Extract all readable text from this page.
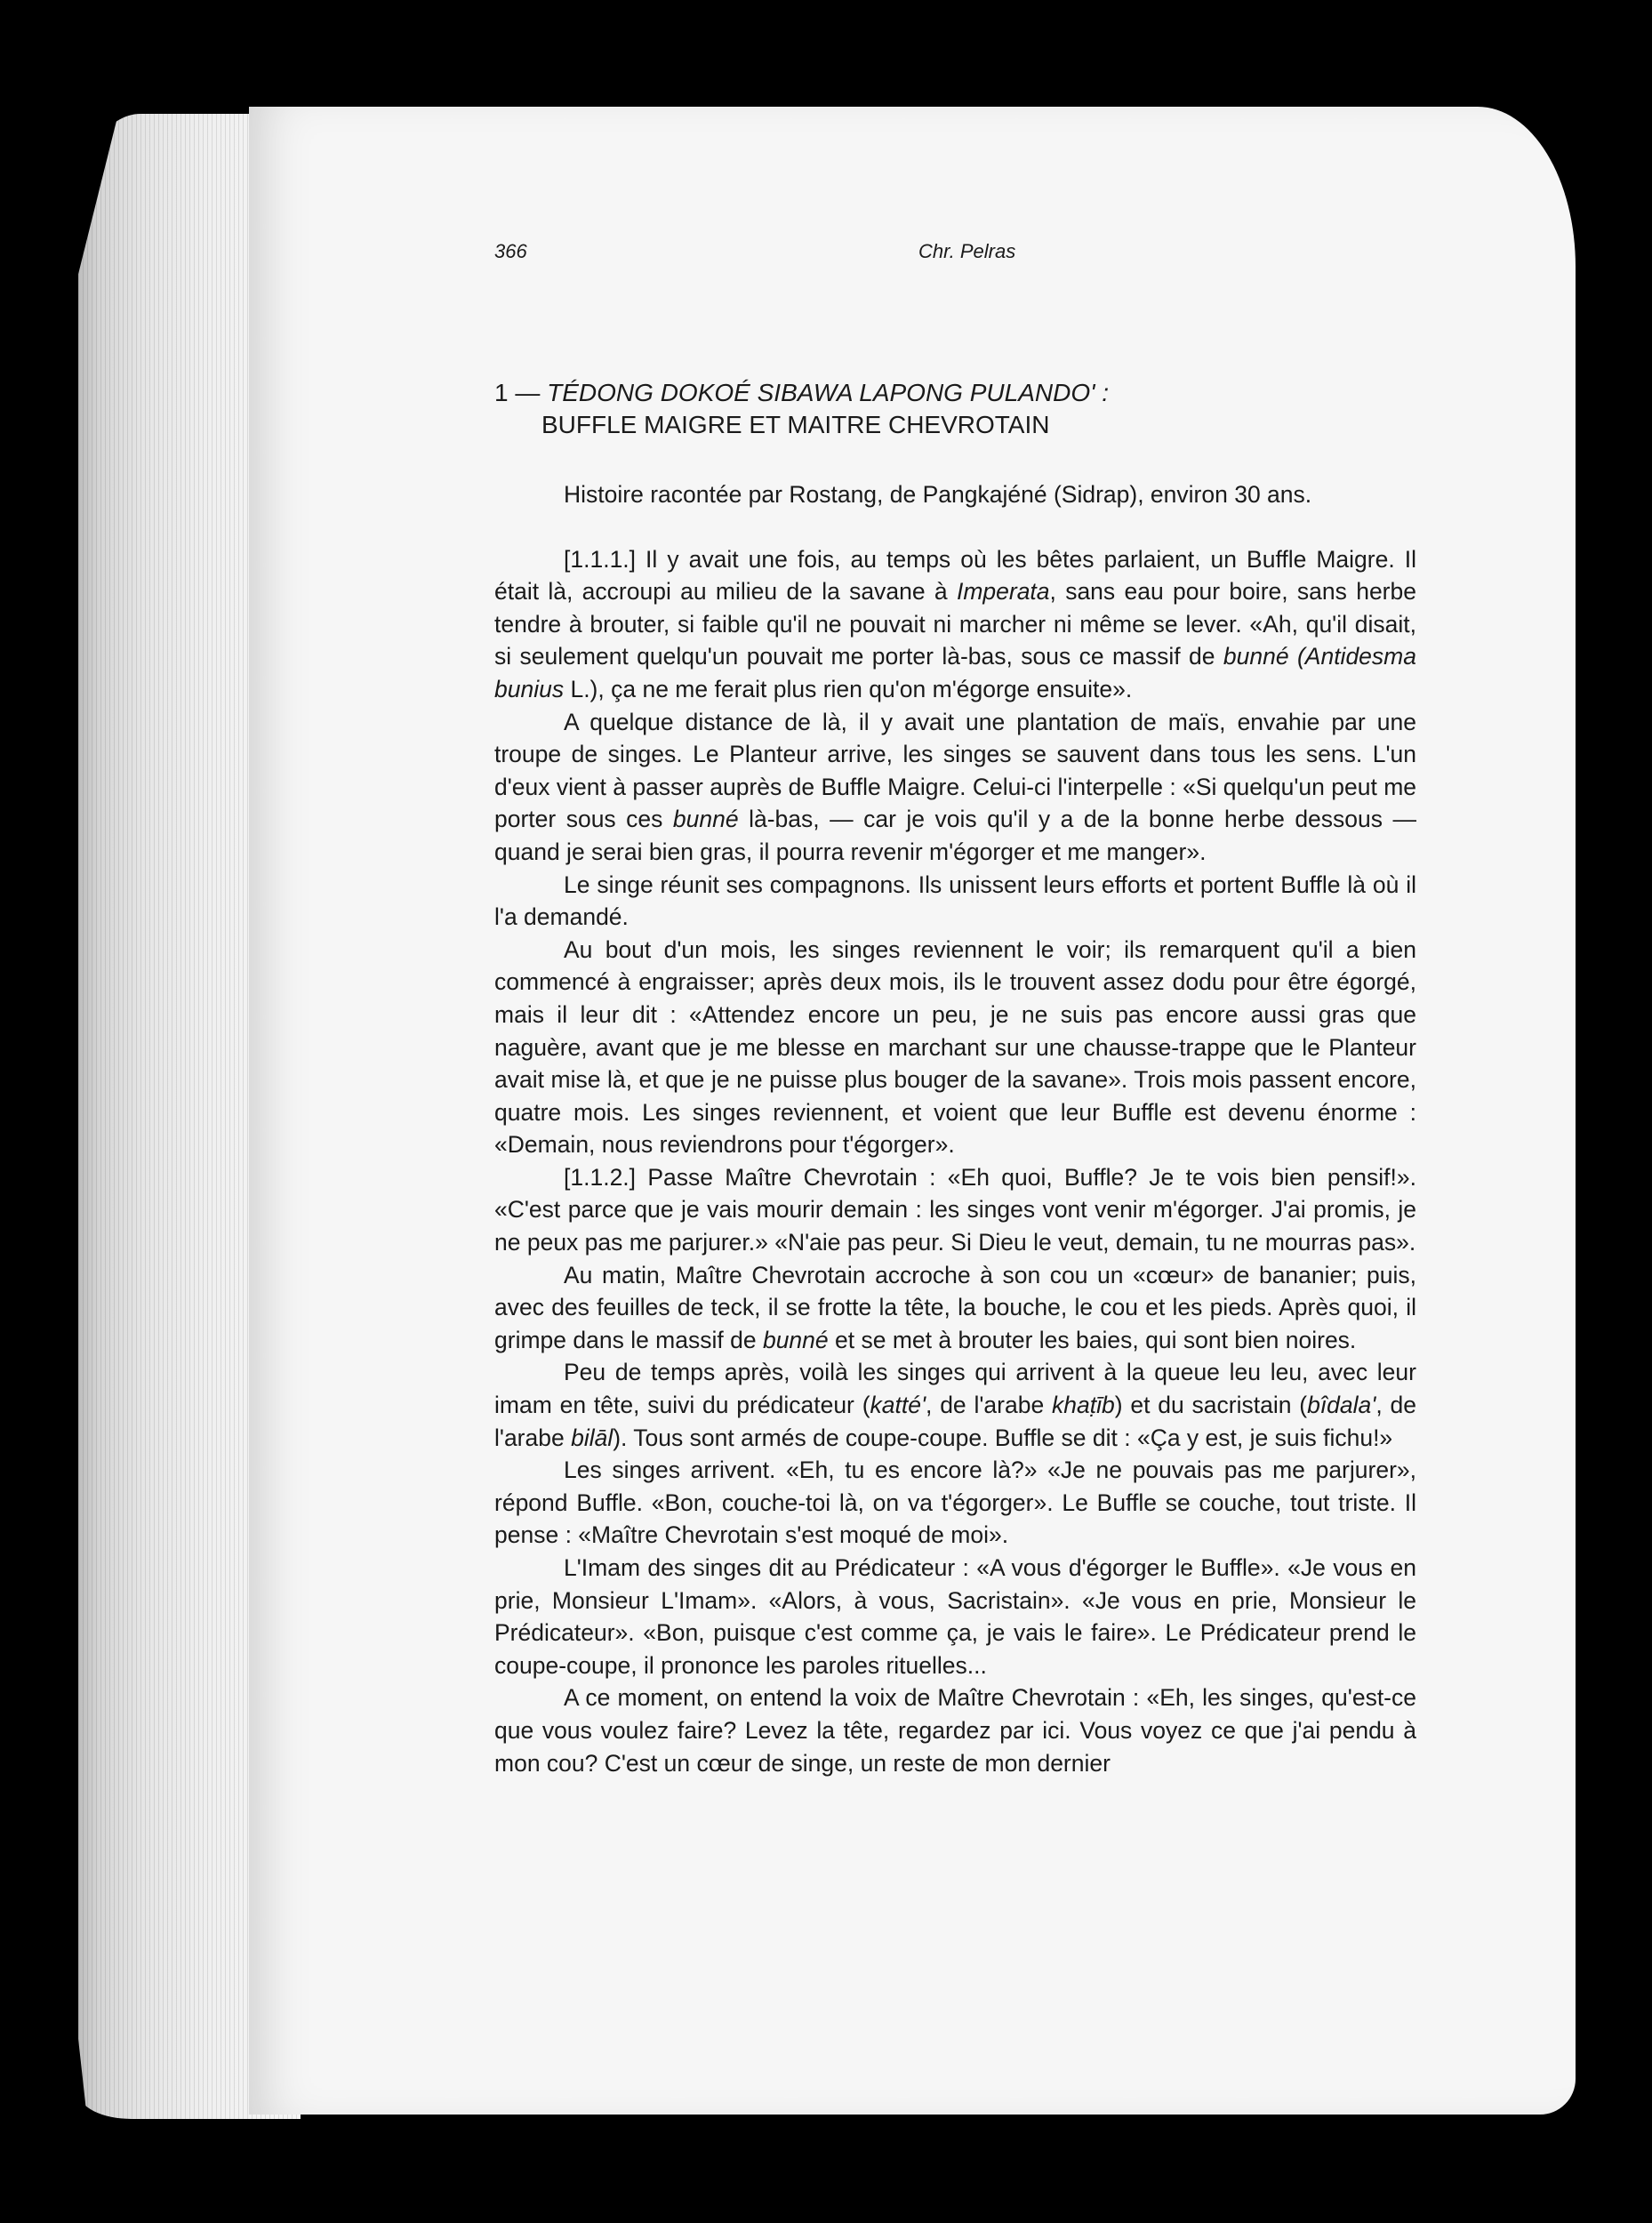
366	Chr. Pelras
1 — TÉDONG DOKOÉ SIBAWA LAPONG PULANDO' :
BUFFLE MAIGRE ET MAITRE CHEVROTAIN

Histoire racontée par Rostang, de Pangkajéné (Sidrap), environ 30 ans.

[1.1.1.] Il y avait une fois, au temps où les bêtes parlaient, un Buffle Maigre. Il était là, accroupi au milieu de la savane à Imperata, sans eau pour boire, sans herbe tendre à brouter, si faible qu'il ne pouvait ni marcher ni même se lever. «Ah, qu'il disait, si seulement quelqu'un pouvait me porter là-bas, sous ce massif de bunné (Antidesma bunius L.), ça ne me ferait plus rien qu'on m'égorge ensuite».

A quelque distance de là, il y avait une plantation de maïs, envahie par une troupe de singes. Le Planteur arrive, les singes se sauvent dans tous les sens. L'un d'eux vient à passer auprès de Buffle Maigre. Celui-ci l'interpelle : «Si quelqu'un peut me porter sous ces bunné là-bas, — car je vois qu'il y a de la bonne herbe dessous — quand je serai bien gras, il pourra revenir m'égorger et me manger».

Le singe réunit ses compagnons. Ils unissent leurs efforts et portent Buffle là où il l'a demandé.

Au bout d'un mois, les singes reviennent le voir; ils remarquent qu'il a bien commencé à engraisser; après deux mois, ils le trouvent assez dodu pour être égorgé, mais il leur dit : «Attendez encore un peu, je ne suis pas encore aussi gras que naguère, avant que je me blesse en marchant sur une chausse-trappe que le Planteur avait mise là, et que je ne puisse plus bouger de la savane». Trois mois passent encore, quatre mois. Les singes reviennent, et voient que leur Buffle est devenu énorme : «Demain, nous reviendrons pour t'égorger».

[1.1.2.] Passe Maître Chevrotain : «Eh quoi, Buffle? Je te vois bien pensif!». «C'est parce que je vais mourir demain : les singes vont venir m'égorger. J'ai promis, je ne peux pas me parjurer.» «N'aie pas peur. Si Dieu le veut, demain, tu ne mourras pas».

Au matin, Maître Chevrotain accroche à son cou un «cœur» de bananier; puis, avec des feuilles de teck, il se frotte la tête, la bouche, le cou et les pieds. Après quoi, il grimpe dans le massif de bunné et se met à brouter les baies, qui sont bien noires.

Peu de temps après, voilà les singes qui arrivent à la queue leu leu, avec leur imam en tête, suivi du prédicateur (katté', de l'arabe khaṭīb) et du sacristain (bîdala', de l'arabe bilāl). Tous sont armés de coupe-coupe. Buffle se dit : «Ça y est, je suis fichu!»

Les singes arrivent. «Eh, tu es encore là?» «Je ne pouvais pas me parjurer», répond Buffle. «Bon, couche-toi là, on va t'égorger». Le Buffle se couche, tout triste. Il pense : «Maître Chevrotain s'est moqué de moi».

L'Imam des singes dit au Prédicateur : «A vous d'égorger le Buffle». «Je vous en prie, Monsieur L'Imam». «Alors, à vous, Sacristain». «Je vous en prie, Monsieur le Prédicateur». «Bon, puisque c'est comme ça, je vais le faire». Le Prédicateur prend le coupe-coupe, il prononce les paroles rituelles...

A ce moment, on entend la voix de Maître Chevrotain : «Eh, les singes, qu'est-ce que vous voulez faire? Levez la tête, regardez par ici. Vous voyez ce que j'ai pendu à mon cou? C'est un cœur de singe, un reste de mon dernier
